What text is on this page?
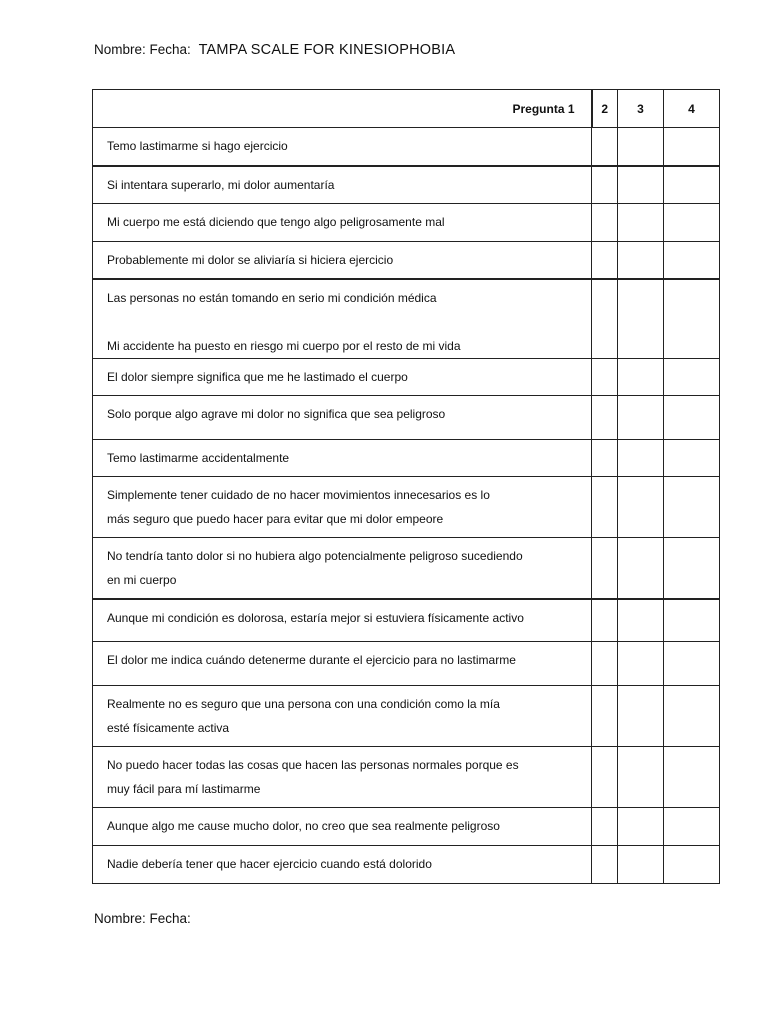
Nombre: Fecha: TAMPA SCALE FOR KINESIOPHOBIA
Pregunta 1	2	3	4

Temo lastimarme si hago ejercicio			

Si intentara superarlo, mi dolor aumentaría			

Mi cuerpo me está diciendo que tengo algo peligrosamente mal			

Probablemente mi dolor se aliviaría si hiciera ejercicio			

Las personas no están tomando en serio mi condición médica

Mi accidente ha puesto en riesgo mi cuerpo por el resto de mi vida			

El dolor siempre significa que me he lastimado el cuerpo			

Solo porque algo agrave mi dolor no significa que sea peligroso			

Temo lastimarme accidentalmente			

Simplemente tener cuidado de no hacer movimientos innecesarios es lo
más seguro que puedo hacer para evitar que mi dolor empeore			

No tendría tanto dolor si no hubiera algo potencialmente peligroso sucediendo
en mi cuerpo			

Aunque mi condición es dolorosa, estaría mejor si estuviera físicamente activo			

El dolor me indica cuándo detenerme durante el ejercicio para no lastimarme			

Realmente no es seguro que una persona con una condición como la mía
esté físicamente activa			

No puedo hacer todas las cosas que hacen las personas normales porque es
muy fácil para mí lastimarme			

Aunque algo me cause mucho dolor, no creo que sea realmente peligroso			

Nadie debería tener que hacer ejercicio cuando está dolorido			

Nombre: Fecha:
